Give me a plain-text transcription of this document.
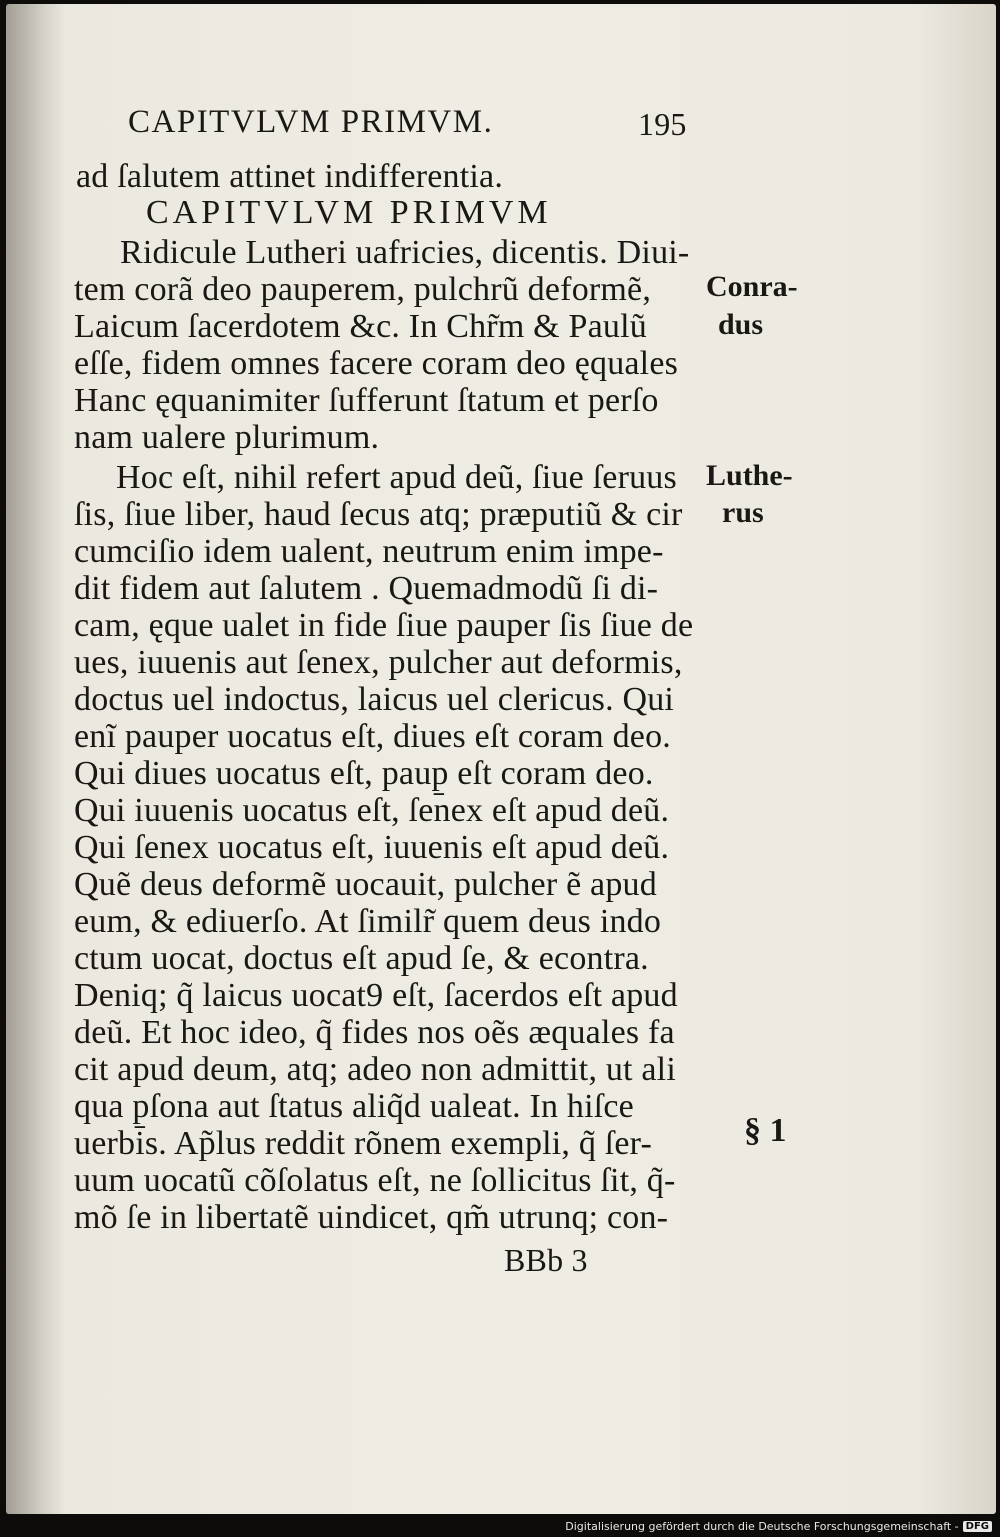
CAPITVLVM PRIMVM.	195
ad ſalutem attinet indifferentia.
CAPITVLVM PRIMVM
Ridicule Lutheri uafricies, dicentis. Diui-
tem corã deo pauperem, pulchrũ deformẽ,
Laicum ſacerdotem &c. In Chr̃m & Paulũ
eſſe, fidem omnes facere coram deo ęquales
Hanc ęquanimiter ſufferunt ſtatum et perſo
nam ualere plurimum.
Hoc eſt, nihil refert apud deũ, ſiue ſeruus
ſis, ſiue liber, haud ſecus atq; præputiũ & cir
cumciſio idem ualent, neutrum enim impe-
dit fidem aut ſalutem . Quemadmodũ ſi di-
cam, ęque ualet in fide ſiue pauper ſis ſiue de
ues, iuuenis aut ſenex, pulcher aut deformis,
doctus uel indoctus, laicus uel clericus. Qui
enĩ pauper uocatus eſt, diues eſt coram deo.
Qui diues uocatus eſt, paup̱ eſt coram deo.
Qui iuuenis uocatus eſt, ſenex eſt apud deũ.
Qui ſenex uocatus eſt, iuuenis eſt apud deũ.
Quẽ deus deformẽ uocauit, pulcher ẽ apud
eum, & ediuerſo. At ſimilr̃ quem deus indo
ctum uocat, doctus eſt apud ſe, & econtra.
Deniq; q̃ laicus uocat9 eſt, ſacerdos eſt apud
deũ. Et hoc ideo, q̃ fides nos oẽs æquales fa
cit apud deum, atq; adeo non admittit, ut ali
qua p̱ſona aut ſtatus aliq̃d ualeat. In hiſce
uerbis. Ap̃lus reddit rõnem exempli, q̃ ſer-
uum uocatũ cõſolatus eſt, ne ſollicitus ſit, q̃-
mõ ſe in libertatẽ uindicet, qm̃ utrunq; con-
BBb 3
Conra-
dus
Luthe-
rus
§ 1
Digitalisierung gefördert durch die Deutsche Forschungsgemeinschaft - DFG
